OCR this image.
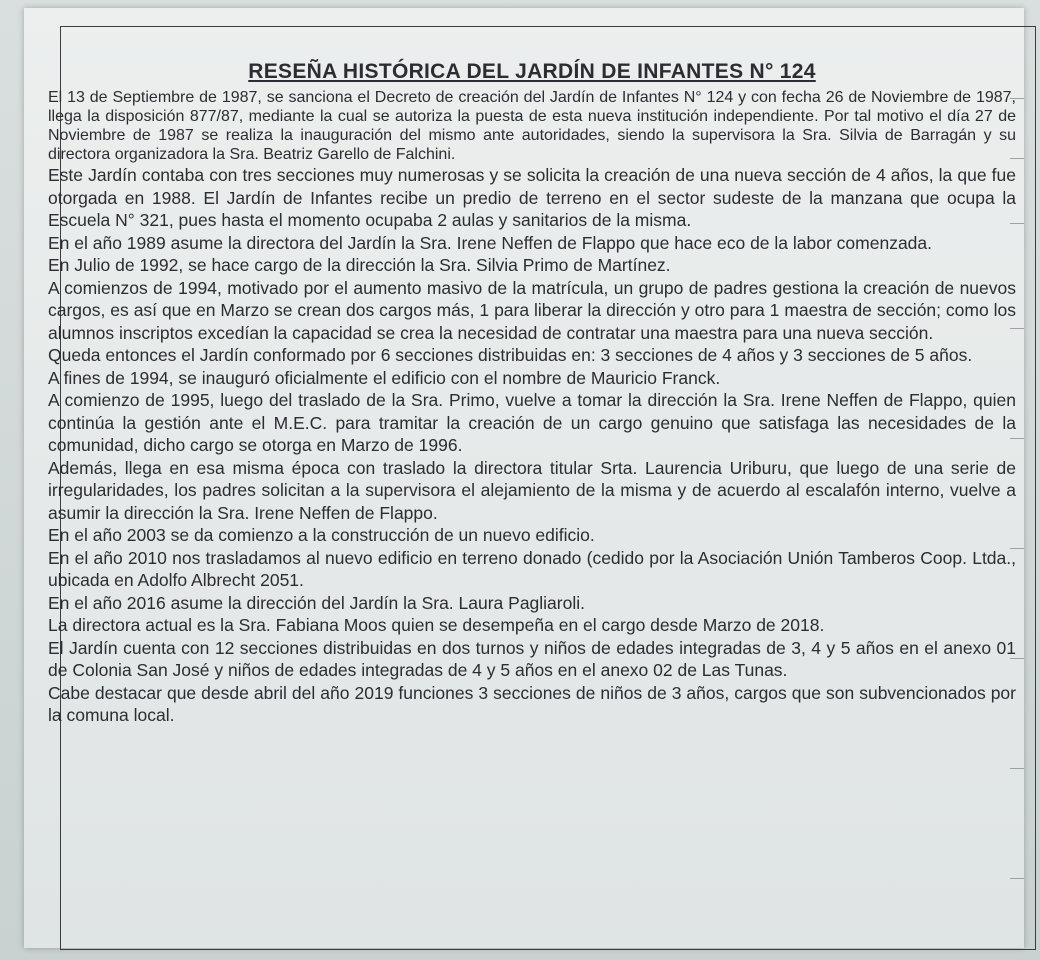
RESEÑA HISTÓRICA DEL JARDÍN DE INFANTES N° 124

El 13 de Septiembre de 1987, se sanciona el Decreto de creación del Jardín de Infantes N° 124 y con fecha 26 de Noviembre de 1987, llega la disposición 877/87, mediante la cual se autoriza la puesta de esta nueva institución independiente. Por tal motivo el día 27 de Noviembre de 1987 se realiza la inauguración del mismo ante autoridades, siendo la supervisora la Sra. Silvia de Barragán y su directora organizadora la Sra. Beatriz Garello de Falchini.

Este Jardín contaba con tres secciones muy numerosas y se solicita la creación de una nueva sección de 4 años, la que fue otorgada en 1988. El Jardín de Infantes recibe un predio de terreno en el sector sudeste de la manzana que ocupa la Escuela N° 321, pues hasta el momento ocupaba 2 aulas y sanitarios de la misma.

En el año 1989 asume la directora del Jardín la Sra. Irene Neffen de Flappo que hace eco de la labor comenzada.

En Julio de 1992, se hace cargo de la dirección la Sra. Silvia Primo de Martínez.

A comienzos de 1994, motivado por el aumento masivo de la matrícula, un grupo de padres gestiona la creación de nuevos cargos, es así que en Marzo se crean dos cargos más, 1 para liberar la dirección y otro para 1 maestra de sección; como los alumnos inscriptos excedían la capacidad se crea la necesidad de contratar una maestra para una nueva sección.

Queda entonces el Jardín conformado por 6 secciones distribuidas en: 3 secciones de 4 años y 3 secciones de 5 años.

A fines de 1994, se inauguró oficialmente el edificio con el nombre de Mauricio Franck.

A comienzo de 1995, luego del traslado de la Sra. Primo, vuelve a tomar la dirección la Sra. Irene Neffen de Flappo, quien continúa la gestión ante el M.E.C. para tramitar la creación de un cargo genuino que satisfaga las necesidades de la comunidad, dicho cargo se otorga en Marzo de 1996.

Además, llega en esa misma época con traslado la directora titular Srta. Laurencia Uriburu, que luego de una serie de irregularidades, los padres solicitan a la supervisora el alejamiento de la misma y de acuerdo al escalafón interno, vuelve a asumir la dirección la Sra. Irene Neffen de Flappo.

En el año 2003 se da comienzo a la construcción de un nuevo edificio.

En el año 2010 nos trasladamos al nuevo edificio en terreno donado (cedido por la Asociación Unión Tamberos Coop. Ltda., ubicada en Adolfo Albrecht 2051.

En el año 2016 asume la dirección del Jardín la Sra. Laura Pagliaroli.

La directora actual es la Sra. Fabiana Moos quien se desempeña en el cargo desde Marzo de 2018.

El Jardín cuenta con 12 secciones distribuidas en dos turnos y niños de edades integradas de 3, 4 y 5 años en el anexo 01 de Colonia San José y niños de edades integradas de 4 y 5 años en el anexo 02 de Las Tunas.

Cabe destacar que desde abril del año 2019 funciones 3 secciones de niños de 3 años, cargos que son subvencionados por la comuna local.
